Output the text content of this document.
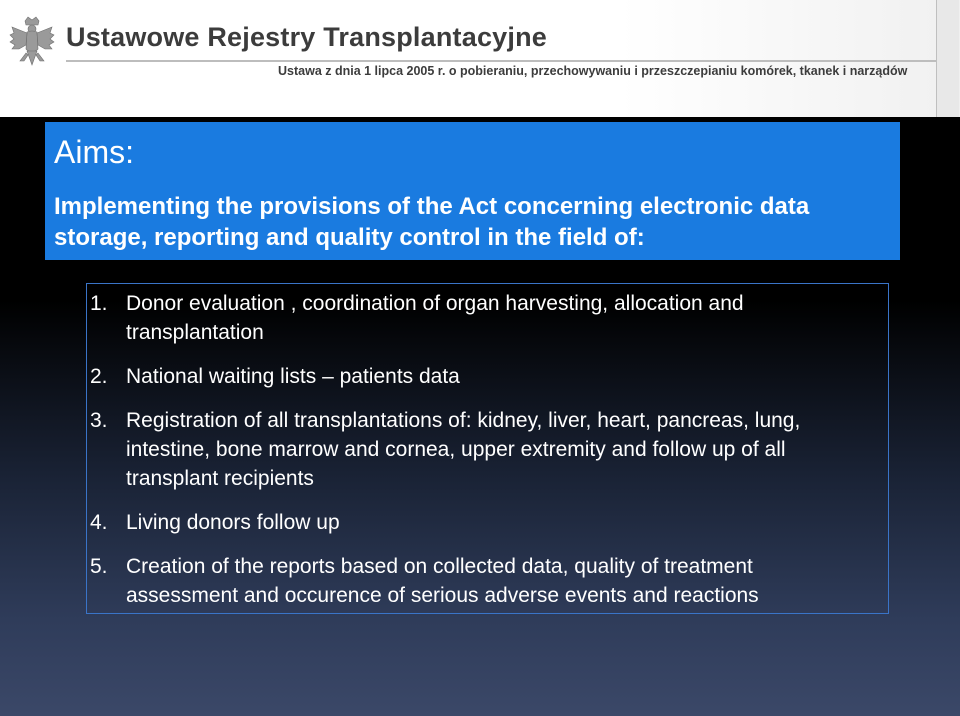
Ustawowe Rejestry Transplantacyjne
Ustawa z dnia 1 lipca 2005 r. o pobieraniu, przechowywaniu i przeszczepianiu komórek, tkanek i narządów
Aims:
Implementing the provisions of the Act concerning electronic data storage, reporting and quality control in the field of:
1. Donor evaluation , coordination of organ harvesting, allocation and transplantation
2. National waiting lists – patients data
3. Registration of all transplantations of: kidney, liver, heart, pancreas, lung, intestine, bone marrow and cornea, upper extremity and follow up of all transplant recipients
4. Living donors follow up
5. Creation of the reports based on collected data, quality of treatment assessment and occurence of serious adverse events and reactions
